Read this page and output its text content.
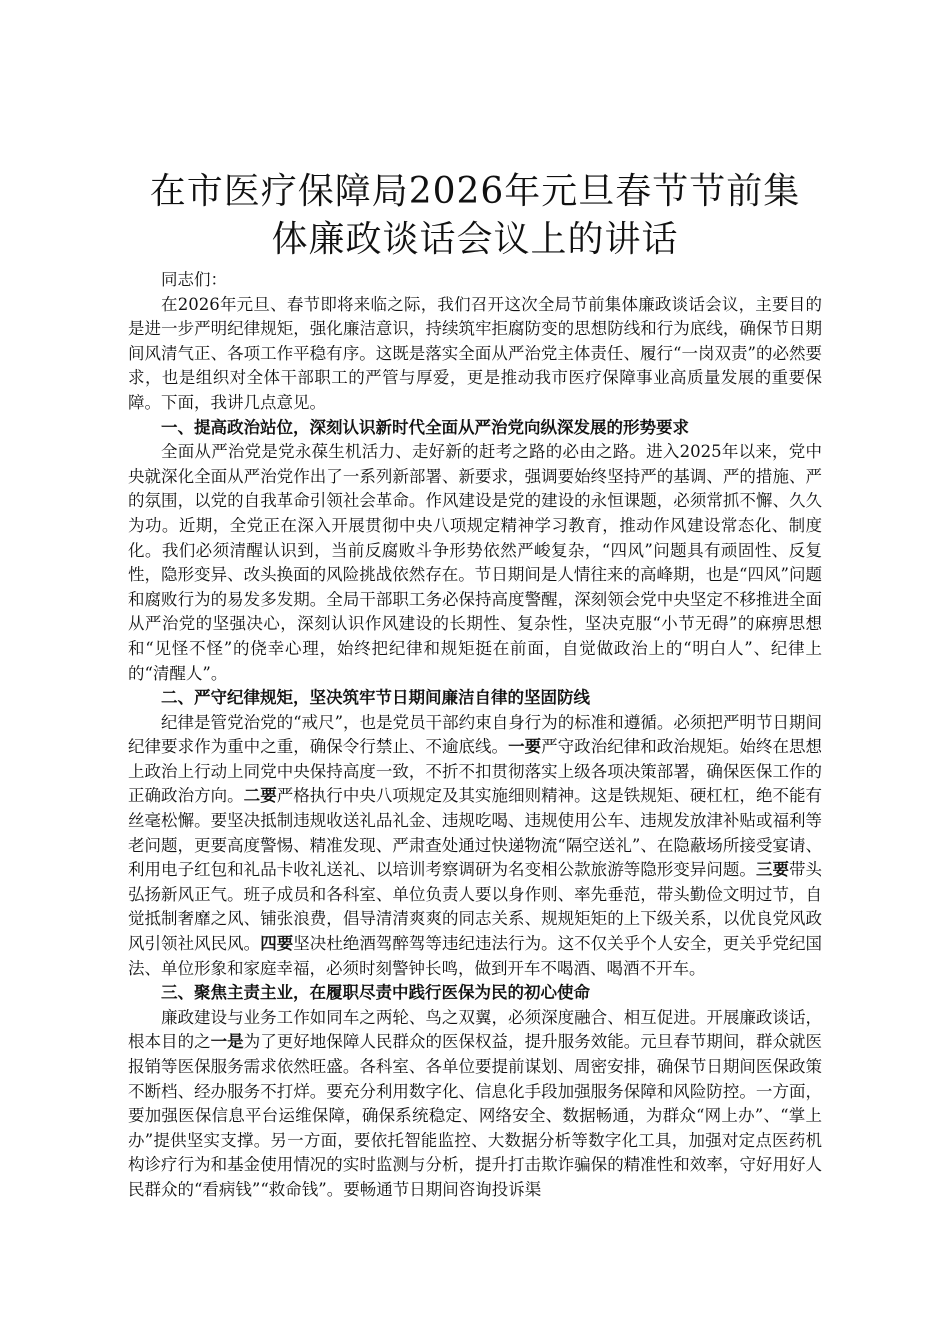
在市医疗保障局2026年元旦春节节前集体廉政谈话会议上的讲话

同志们：

在2026年元旦、春节即将来临之际，我们召开这次全局节前集体廉政谈话会议，主要目的是进一步严明纪律规矩，强化廉洁意识，持续筑牢拒腐防变的思想防线和行为底线，确保节日期间风清气正、各项工作平稳有序。这既是落实全面从严治党主体责任、履行“一岗双责”的必然要求，也是组织对全体干部职工的严管与厚爱，更是推动我市医疗保障事业高质量发展的重要保障。下面，我讲几点意见。

一、提高政治站位，深刻认识新时代全面从严治党向纵深发展的形势要求

全面从严治党是党永葆生机活力、走好新的赶考之路的必由之路。进入2025年以来，党中央就深化全面从严治党作出了一系列新部署、新要求，强调要始终坚持严的基调、严的措施、严的氛围，以党的自我革命引领社会革命。作风建设是党的建设的永恒课题，必须常抓不懈、久久为功。近期，全党正在深入开展贯彻中央八项规定精神学习教育，推动作风建设常态化、制度化。我们必须清醒认识到，当前反腐败斗争形势依然严峻复杂，“四风”问题具有顽固性、反复性，隐形变异、改头换面的风险挑战依然存在。节日期间是人情往来的高峰期，也是“四风”问题和腐败行为的易发多发期。全局干部职工务必保持高度警醒，深刻领会党中央坚定不移推进全面从严治党的坚强决心，深刻认识作风建设的长期性、复杂性，坚决克服“小节无碍”的麻痹思想和“见怪不怪”的侥幸心理，始终把纪律和规矩挺在前面，自觉做政治上的“明白人”、纪律上的“清醒人”。

二、严守纪律规矩，坚决筑牢节日期间廉洁自律的坚固防线

纪律是管党治党的“戒尺”，也是党员干部约束自身行为的标准和遵循。必须把严明节日期间纪律要求作为重中之重，确保令行禁止、不逾底线。一要严守政治纪律和政治规矩。始终在思想上政治上行动上同党中央保持高度一致，不折不扣贯彻落实上级各项决策部署，确保医保工作的正确政治方向。二要严格执行中央八项规定及其实施细则精神。这是铁规矩、硬杠杠，绝不能有丝毫松懈。要坚决抵制违规收送礼品礼金、违规吃喝、违规使用公车、违规发放津补贴或福利等老问题，更要高度警惕、精准发现、严肃查处通过快递物流“隔空送礼”、在隐蔽场所接受宴请、利用电子红包和礼品卡收礼送礼、以培训考察调研为名变相公款旅游等隐形变异问题。三要带头弘扬新风正气。班子成员和各科室、单位负责人要以身作则、率先垂范，带头勤俭文明过节，自觉抵制奢靡之风、铺张浪费，倡导清清爽爽的同志关系、规规矩矩的上下级关系，以优良党风政风引领社风民风。四要坚决杜绝酒驾醉驾等违纪违法行为。这不仅关乎个人安全，更关乎党纪国法、单位形象和家庭幸福，必须时刻警钟长鸣，做到开车不喝酒、喝酒不开车。

三、聚焦主责主业，在履职尽责中践行医保为民的初心使命

廉政建设与业务工作如同车之两轮、鸟之双翼，必须深度融合、相互促进。开展廉政谈话，根本目的之一是为了更好地保障人民群众的医保权益，提升服务效能。元旦春节期间，群众就医报销等医保服务需求依然旺盛。各科室、各单位要提前谋划、周密安排，确保节日期间医保政策不断档、经办服务不打烊。要充分利用数字化、信息化手段加强服务保障和风险防控。一方面，要加强医保信息平台运维保障，确保系统稳定、网络安全、数据畅通，为群众“网上办”、“掌上办”提供坚实支撑。另一方面，要依托智能监控、大数据分析等数字化工具，加强对定点医药机构诊疗行为和基金使用情况的实时监测与分析，提升打击欺诈骗保的精准性和效率，守好用好人民群众的“看病钱”“救命钱”。要畅通节日期间咨询投诉渠
